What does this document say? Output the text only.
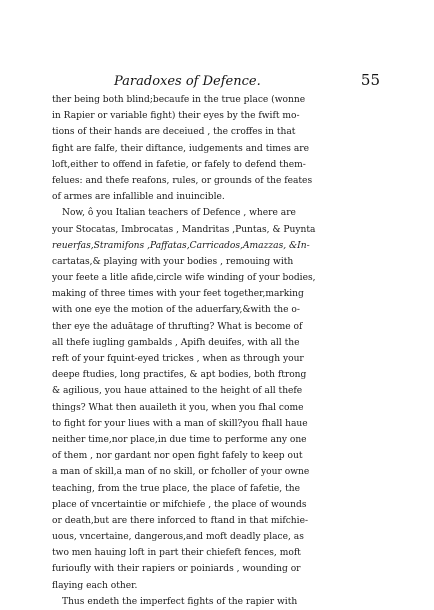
Paradoxes of Defence.	55
ther being both blind;becaufe in the true place (wonne
in Rapier or variable fight) their eyes by the fwift mo-
tions of their hands are deceiued , the croffes in that
fight are falfe, their diftance, iudgements and times are
loft,either to offend in fafetie, or fafely to defend them-
felues: and thefe reafons, rules, or grounds of the feates
of armes are infallible and inuincible.
Now, ô you Italian teachers of Defence , where are
your Stocatas, Imbrocatas , Mandritas ,Puntas, & Puynta
reuerfas,Stramifons ,Paffatas,Carricados,Amazzas, &In-
cartatas,& playing with your bodies , remouing with
your feete a litle afide,circle wife winding of your bodies,
making of three times with your feet together,marking
with one eye the motion of the aduerfary,&with the o-
ther eye the aduātage of thrufting? What is become of
all thefe iugling gambalds , Apifh deuifes, with all the
reft of your fquint-eyed trickes , when as through your
deepe ftudies, long practifes, & apt bodies, both ftrong
& agilious, you haue attained to the height of all thefe
things? What then auaileth it you, when you fhal come
to fight for your liues with a man of skill?you fhall haue
neither time,nor place,in due time to performe any one
of them , nor gardant nor open fight fafely to keep out
a man of skill,a man of no skill, or fcholler of your owne
teaching, from the true place, the place of fafetie, the
place of vncertaintie or mifchiefe , the place of wounds
or death,but are there inforced to ftand in that mifchie-
uous, vncertaine, dangerous,and moft deadly place, as
two men hauing loft in part their chiefeft fences, moft
furioufly with their rapiers or poiniards , wounding or
flaying each other.
Thus endeth the imperfect fights of the rapier with
